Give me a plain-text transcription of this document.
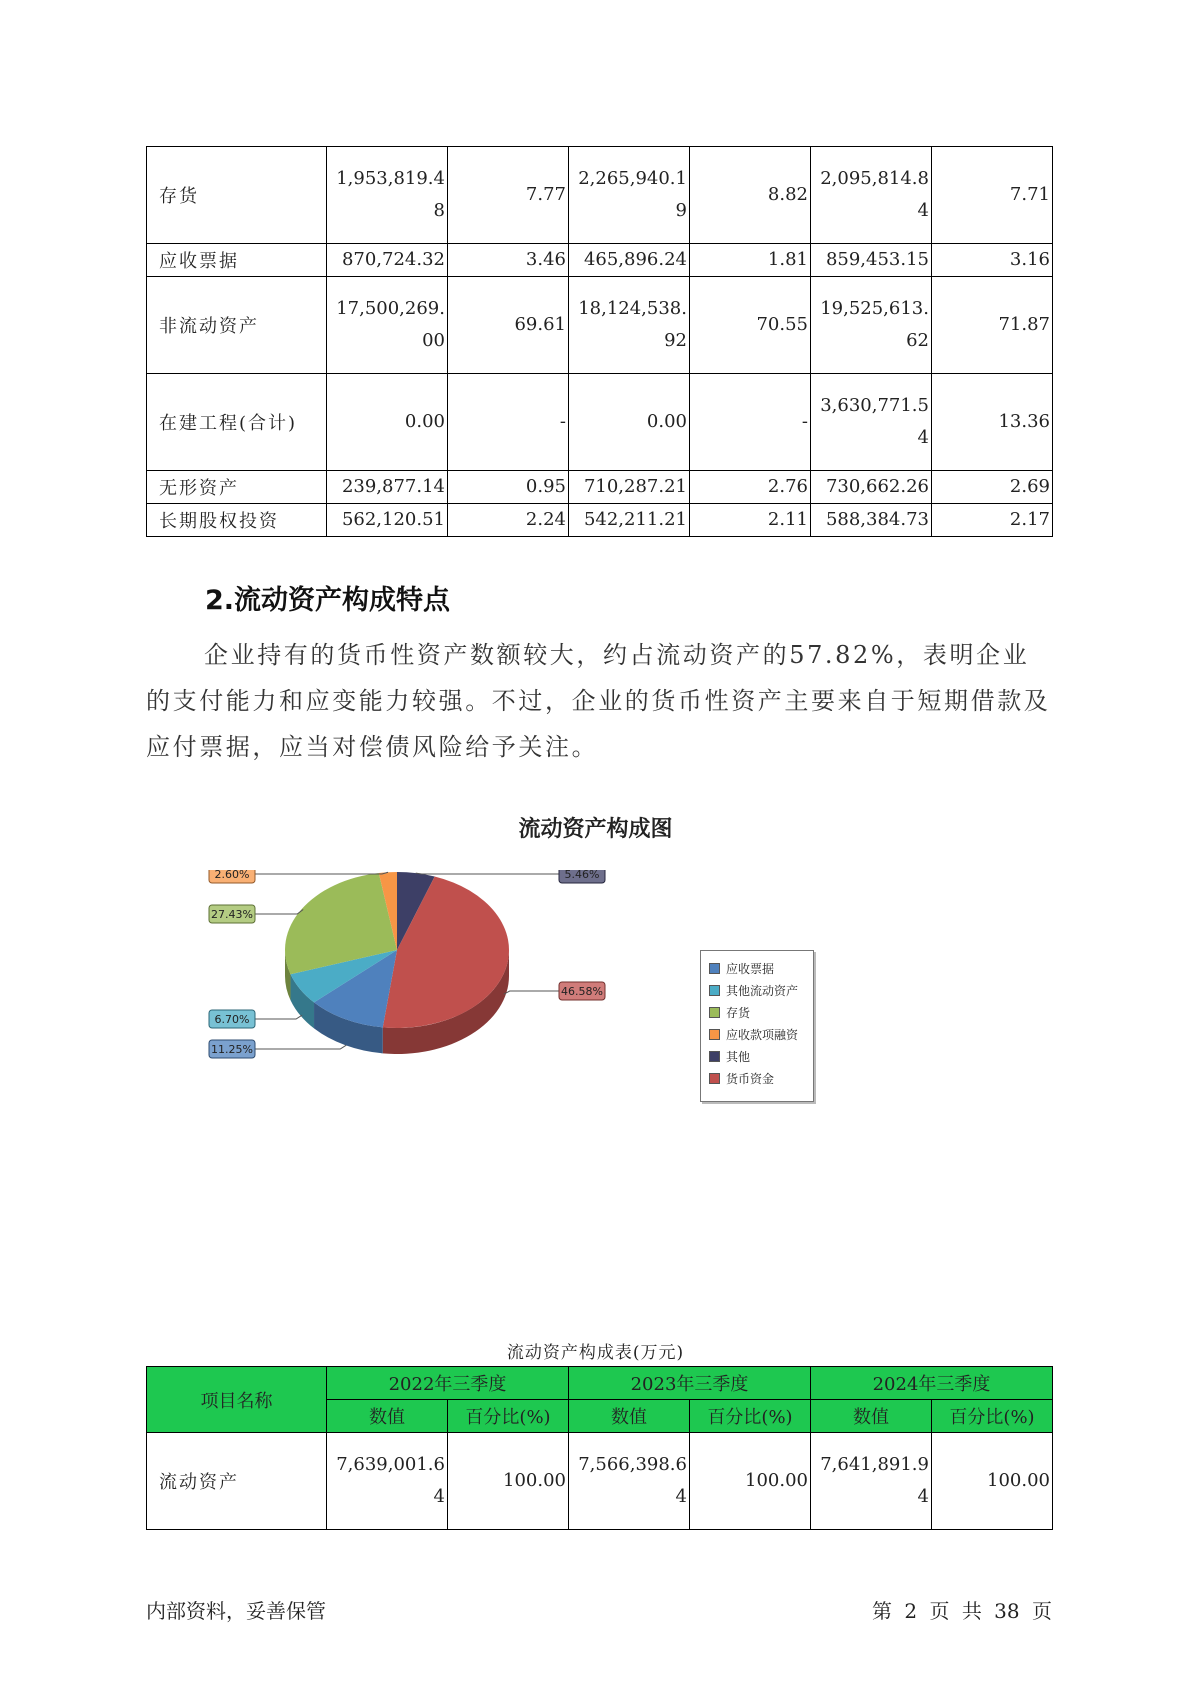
存货	1,953,819.48	7.77	2,265,940.19	8.82	2,095,814.84	7.71
应收票据	870,724.32	3.46	465,896.24	1.81	859,453.15	3.16
非流动资产	17,500,269.00	69.61	18,124,538.92	70.55	19,525,613.62	71.87
在建工程(合计)	0.00	-	0.00	-	3,630,771.54	13.36
无形资产	239,877.14	0.95	710,287.21	2.76	730,662.26	2.69
长期股权投资	562,120.51	2.24	542,211.21	2.11	588,384.73	2.17
2.流动资产构成特点
企业持有的货币性资产数额较大，约占流动资产的57.82%，表明企业的支付能力和应变能力较强。不过，企业的货币性资产主要来自于短期借款及应付票据，应当对偿债风险给予关注。
流动资产构成图
5.46%
46.58%
11.25%
6.70%
27.43%
2.60%
应收票据
其他流动资产
存货
应收款项融资
其他
货币资金
流动资产构成表(万元)
项目名称	2022年三季度		2023年三季度		2024年三季度	
	数值	百分比(%)	数值	百分比(%)	数值	百分比(%)
流动资产	7,639,001.64	100.00	7,566,398.64	100.00	7,641,891.94	100.00
内部资料，妥善保管	第 2 页 共 38 页
